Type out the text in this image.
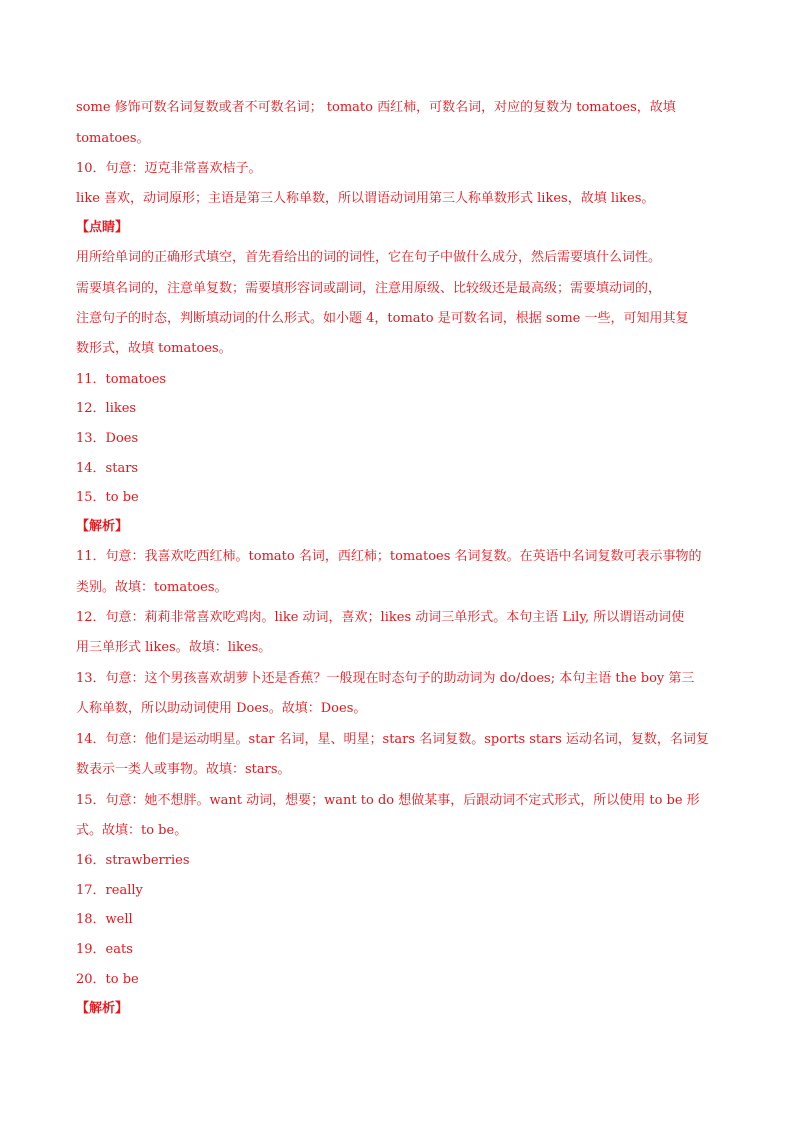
some 修饰可数名词复数或者不可数名词； tomato 西红柿，可数名词，对应的复数为 tomatoes，故填
tomatoes。
10．句意：迈克非常喜欢桔子。
like 喜欢，动词原形；主语是第三人称单数，所以谓语动词用第三人称单数形式 likes，故填 likes。
【点睛】
用所给单词的正确形式填空，首先看给出的词的词性，它在句子中做什么成分，然后需要填什么词性。
需要填名词的，注意单复数；需要填形容词或副词，注意用原级、比较级还是最高级；需要填动词的，
注意句子的时态，判断填动词的什么形式。如小题 4，tomato 是可数名词，根据 some 一些，可知用其复
数形式，故填 tomatoes。
11．tomatoes
12．likes
13．Does
14．stars
15．to be
【解析】
11．句意：我喜欢吃西红柿。tomato 名词，西红柿；tomatoes 名词复数。在英语中名词复数可表示事物的
类别。故填：tomatoes。
12．句意：莉莉非常喜欢吃鸡肉。like 动词，喜欢；likes 动词三单形式。本句主语 Lily, 所以谓语动词使
用三单形式 likes。故填：likes。
13．句意：这个男孩喜欢胡萝卜还是香蕉？一般现在时态句子的助动词为 do/does; 本句主语 the boy 第三
人称单数，所以助动词使用 Does。故填：Does。
14．句意：他们是运动明星。star 名词，星、明星；stars 名词复数。sports stars 运动名词，复数，名词复
数表示一类人或事物。故填：stars。
15．句意：她不想胖。want 动词，想要；want to do 想做某事，后跟动词不定式形式，所以使用 to be 形
式。故填：to be。
16．strawberries
17．really
18．well
19．eats
20．to be
【解析】
